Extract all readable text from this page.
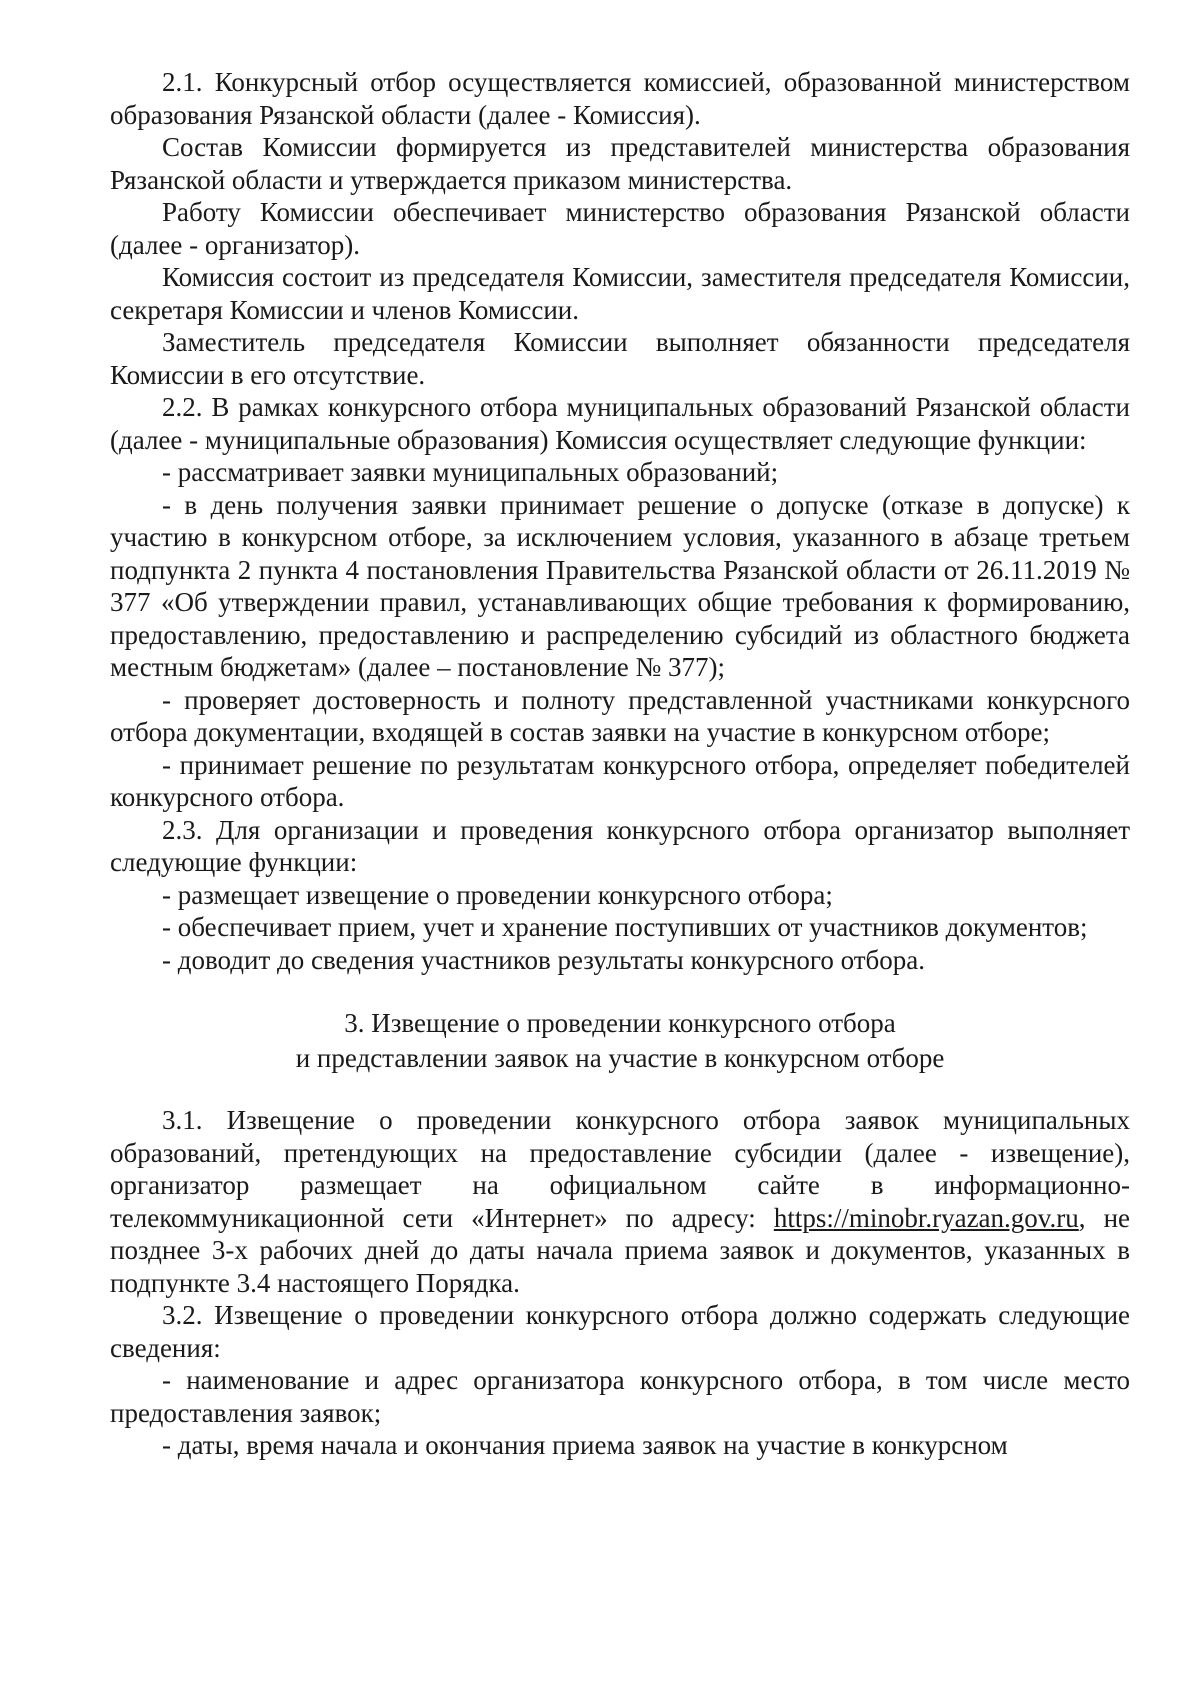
2.1. Конкурсный отбор осуществляется комиссией, образованной министерством образования Рязанской области (далее - Комиссия).

Состав Комиссии формируется из представителей министерства образования Рязанской области и утверждается приказом министерства.

Работу Комиссии обеспечивает министерство образования Рязанской области (далее - организатор).

Комиссия состоит из председателя Комиссии, заместителя председателя Комиссии, секретаря Комиссии и членов Комиссии.

Заместитель председателя Комиссии выполняет обязанности председателя Комиссии в его отсутствие.

2.2. В рамках конкурсного отбора муниципальных образований Рязанской области (далее - муниципальные образования) Комиссия осуществляет следующие функции:

- рассматривает заявки муниципальных образований;

- в день получения заявки принимает решение о допуске (отказе в допуске) к участию в конкурсном отборе, за исключением условия, указанного в абзаце третьем подпункта 2 пункта 4 постановления Правительства Рязанской области от 26.11.2019 № 377 «Об утверждении правил, устанавливающих общие требования к формированию, предоставлению, предоставлению и распределению субсидий из областного бюджета местным бюджетам» (далее – постановление № 377);

- проверяет достоверность и полноту представленной участниками конкурсного отбора документации, входящей в состав заявки на участие в конкурсном отборе;

- принимает решение по результатам конкурсного отбора, определяет победителей конкурсного отбора.

2.3. Для организации и проведения конкурсного отбора организатор выполняет следующие функции:

- размещает извещение о проведении конкурсного отбора;

- обеспечивает прием, учет и хранение поступивших от участников документов;

- доводит до сведения участников результаты конкурсного отбора.

3. Извещение о проведении конкурсного отбора
и представлении заявок на участие в конкурсном отборе

3.1. Извещение о проведении конкурсного отбора заявок муниципальных образований, претендующих на предоставление субсидии (далее - извещение), организатор размещает на официальном сайте в информационно-телекоммуникационной сети «Интернет» по адресу: https://minobr.ryazan.gov.ru, не позднее 3-х рабочих дней до даты начала приема заявок и документов, указанных в подпункте 3.4 настоящего Порядка.

3.2. Извещение о проведении конкурсного отбора должно содержать следующие сведения:

- наименование и адрес организатора конкурсного отбора, в том числе место предоставления заявок;

- даты, время начала и окончания приема заявок на участие в конкурсном
